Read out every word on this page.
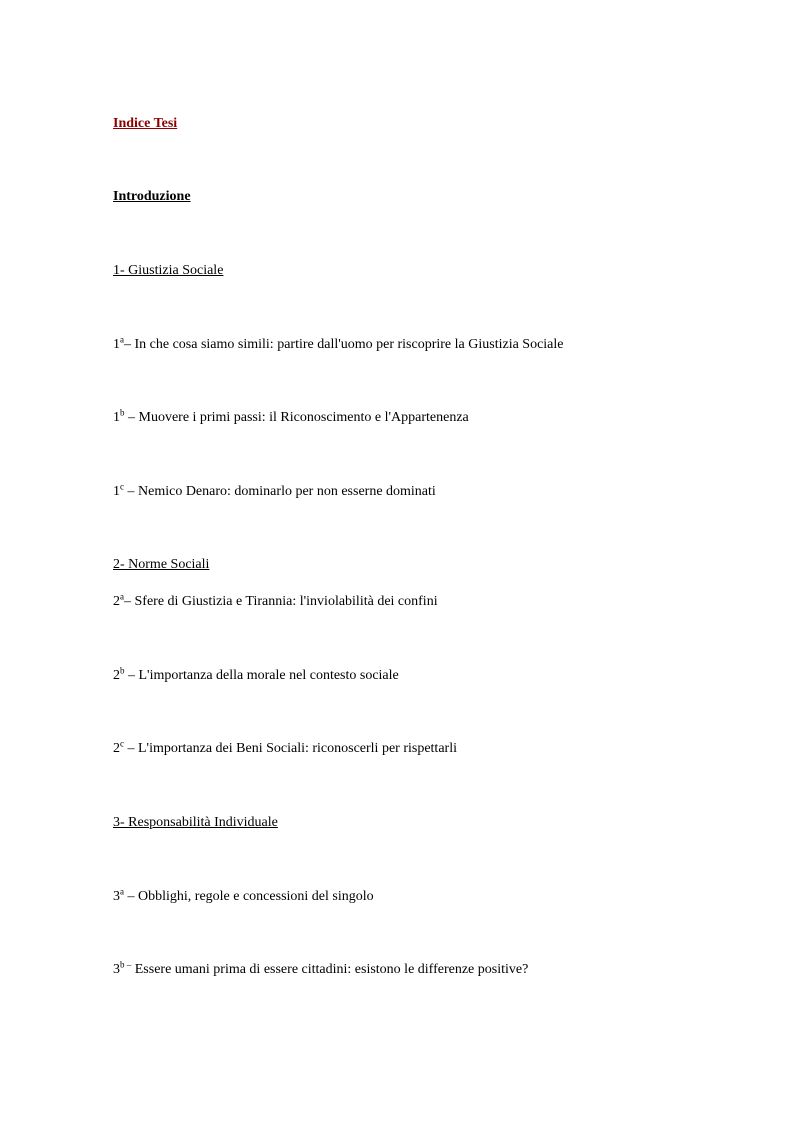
Indice Tesi
Introduzione
1- Giustizia Sociale
1$^a$– In che cosa siamo simili: partire dall'uomo per riscoprire la Giustizia Sociale
1$^b$ – Muovere i primi passi: il Riconoscimento e l'Appartenenza
1$^c$ – Nemico Denaro: dominarlo per non esserne dominati
2- Norme Sociali
2$^a$– Sfere di Giustizia e Tirannia: l'inviolabilità dei confini
2$^b$ – L'importanza della morale nel contesto sociale
2$^c$ – L'importanza dei Beni Sociali: riconoscerli per rispettarli
3- Responsabilità Individuale
3$^a$ – Obblighi, regole e concessioni del singolo
$3^{b -}$ Essere umani prima di essere cittadini: esistono le differenze positive?
